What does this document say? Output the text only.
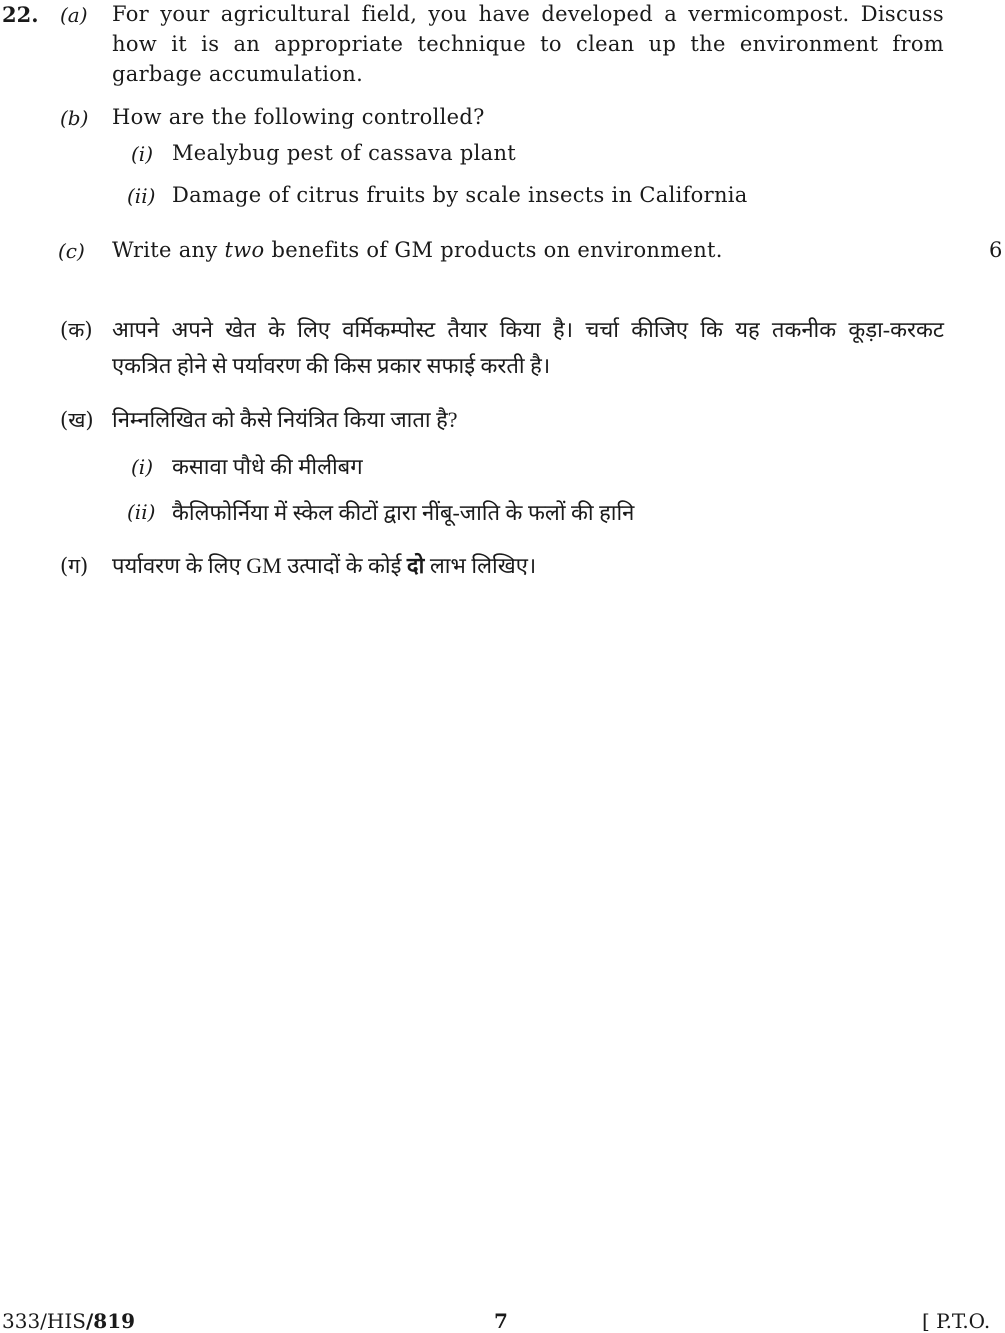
22. (a) For your agricultural field, you have developed a vermicompost. Discuss
how it is an appropriate technique to clean up the environment from
garbage accumulation.
(b) How are the following controlled?
(i) Mealybug pest of cassava plant
(ii) Damage of citrus fruits by scale insects in California
(c) Write any two benefits of GM products on environment.	6
(क) आपने अपने खेत के लिए वर्मिकम्पोस्ट तैयार किया है। चर्चा कीजिए कि यह तकनीक कूड़ा-करकट
एकत्रित होने से पर्यावरण की किस प्रकार सफाई करती है।
(ख) निम्नलिखित को कैसे नियंत्रित किया जाता है?
(i) कसावा पौधे की मीलीबग
(ii) कैलिफोर्निया में स्केल कीटों द्वारा नींबू-जाति के फलों की हानि
(ग) पर्यावरण के लिए GM उत्पादों के कोई दो लाभ लिखिए।
333/HIS/819	7	[ P.T.O.
